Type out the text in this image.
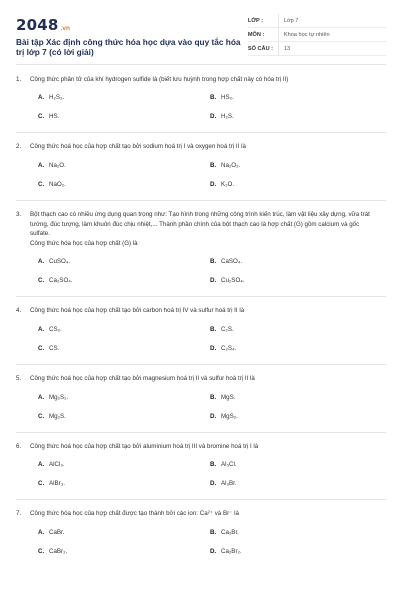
2048 .vn
Bài tập Xác định công thức hóa học dựa vào quy tắc hóa trị lớp 7 (có lời giải)
LỚP :	Lớp 7
MÔN :	Khoa học tự nhiên
SỐ CÂU :	13
1.	Công thức phân tử của khí hydrogen sulfide là (biết lưu huỳnh trong hợp chất này có hóa trị II)

A. H₂S₃.	B. HS₂.
C. HS.	D. H₂S.
2.	Công thức hoá học của hợp chất tạo bởi sodium hoá trị I và oxygen hoá trị II là

A. Na₂O.	B. Na₂O₂.
C. NaO₂.	D. K₂O.
3.	Bột thạch cao có nhiều ứng dụng quan trọng như: Tạo hình trong những công trình kiến trúc, làm vật liệu xây dựng, vữa trát tường, đúc tượng, làm khuôn đúc chịu nhiệt,... Thành phần chính của bột thạch cao là hợp chất (G) gồm calcium và gốc sulfate.

Công thức hóa học của hợp chất (G) là

A. CuSO₄.	B. CaSO₄.
C. Ca₂SO₄.	D. Cu₂SO₄.
4.	Công thức hoá học của hợp chất tạo bởi carbon hoá trị IV và sulfur hoá trị II là

A. CS₂.	B. C₂S.
C. CS.	D. C₂S₄.
5.	Công thức hoá học của hợp chất tạo bởi magnesium hoá trị II và sulfur hoá trị II là

A. Mg₂S₂.	B. MgS.
C. Mg₂S.	D. MgS₂.
6.	Công thức hoá học của hợp chất tạo bởi aluminium hoá trị III và bromine hoá trị I là

A. AlCl₃.	B. Al₃Cl.
C. AlBr₃.	D. Al₃Br.
7.	Công thức hóa học của hợp chất được tạo thành bởi các ion: Ca²⁺ và Br⁻ là

A. CaBr.	B. Ca₂Br.
C. CaBr₂.	D. Ca₂Br₂.
